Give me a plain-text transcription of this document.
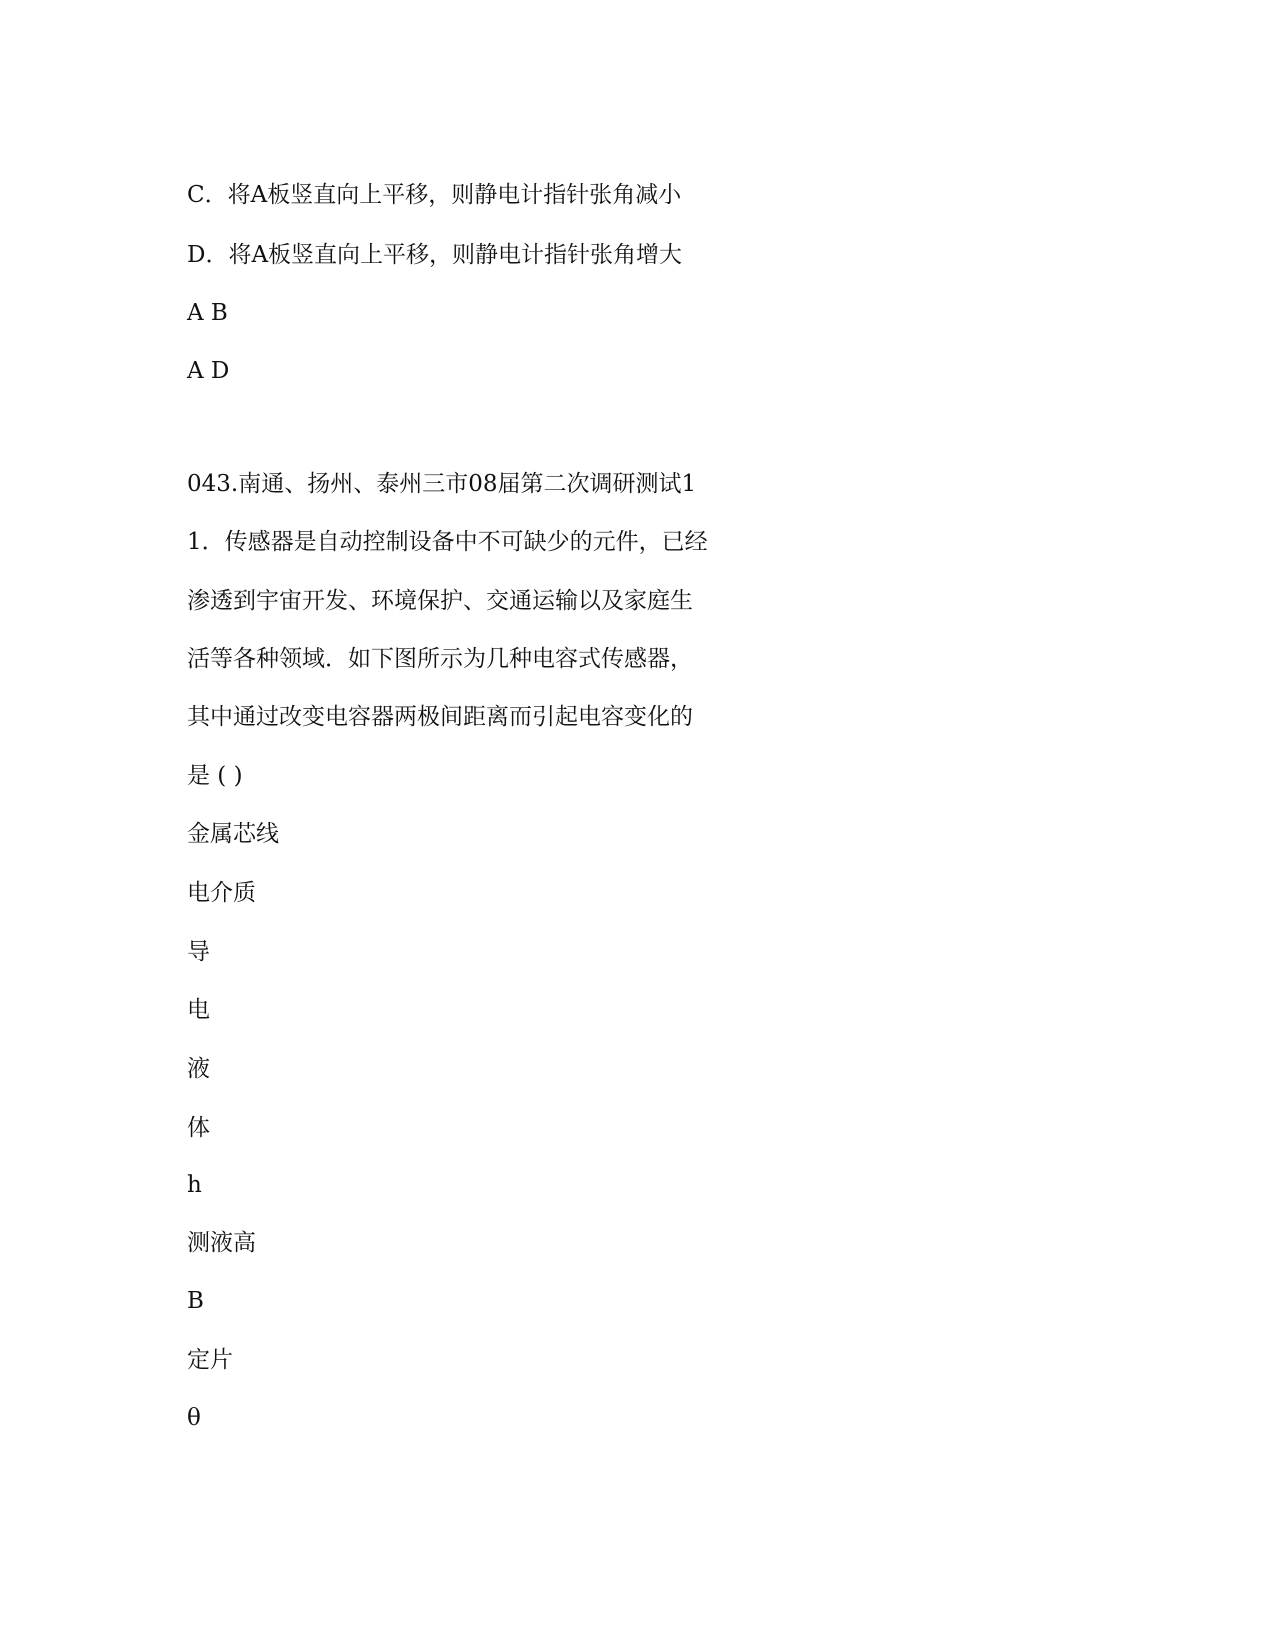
C．将A板竖直向上平移，则静电计指针张角减小

D．将A板竖直向上平移，则静电计指针张角增大

A B

A D

043.南通、扬州、泰州三市08届第二次调研测试1

1．传感器是自动控制设备中不可缺少的元件，已经

渗透到宇宙开发、环境保护、交通运输以及家庭生

活等各种领域．如下图所示为几种电容式传感器，

其中通过改变电容器两极间距离而引起电容变化的

是 ( )

金属芯线

电介质

导

电

液

体

h

测液高

B

定片

θ
